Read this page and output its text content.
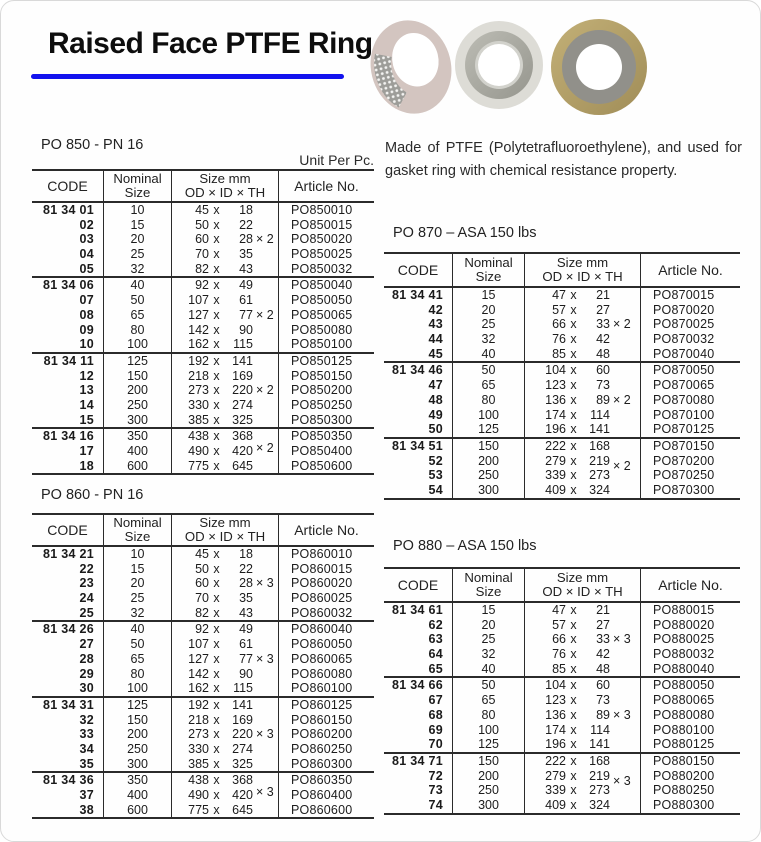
Raised Face PTFE Ring
Made of PTFE (Polytetrafluoroethylene), and used for gasket ring with chemical resistance property.
PO 850 - PN 16
Unit Per Pc.
CODE	Nominal
Size
Size mm
OD × ID × TH	Article No.
81 34 01	10	45 x 18	PO850010
02	15	50 x 22	PO850015
03	20	60 x 28 × 2	PO850020
04	25	70 x 35	PO850025
05	32	82 x 43	PO850032
81 34 06	40	92 x 49	PO850040
07	50	107 x 61	PO850050
08	65	127 x 77 × 2	PO850065
09	80	142 x 90	PO850080
10	100	162 x 115	PO850100
81 34 11	125	192 x 141	PO850125
12	150	218 x 169	PO850150
13	200	273 x 220 × 2	PO850200
14	250	330 x 274	PO850250
15	300	385 x 325	PO850300
81 34 16	350	438 x 368	PO850350
17	400	490 x 420 × 2	PO850400
18	600	775 x 645	PO850600
PO 860 - PN 16
CODE	Nominal
Size
Size mm
OD × ID × TH	Article No.
81 34 21	10	45 x 18	PO860010
22	15	50 x 22	PO860015
23	20	60 x 28 × 3	PO860020
24	25	70 x 35	PO860025
25	32	82 x 43	PO860032
81 34 26	40	92 x 49	PO860040
27	50	107 x 61	PO860050
28	65	127 x 77 × 3	PO860065
29	80	142 x 90	PO860080
30	100	162 x 115	PO860100
81 34 31	125	192 x 141	PO860125
32	150	218 x 169	PO860150
33	200	273 x 220 × 3	PO860200
34	250	330 x 274	PO860250
35	300	385 x 325	PO860300
81 34 36	350	438 x 368	PO860350
37	400	490 x 420 × 3	PO860400
38	600	775 x 645	PO860600
PO 870 – ASA 150 lbs
CODE	Nominal
Size
Size mm
OD × ID × TH	Article No.
81 34 41	15	47 x 21	PO870015
42	20	57 x 27	PO870020
43	25	66 x 33 × 2	PO870025
44	32	76 x 42	PO870032
45	40	85 x 48	PO870040
81 34 46	50	104 x 60	PO870050
47	65	123 x 73	PO870065
48	80	136 x 89 × 2	PO870080
49	100	174 x 114	PO870100
50	125	196 x 141	PO870125
81 34 51	150	222 x 168	PO870150
52	200	279 x 219 × 2	PO870200
53	250	339 x 273	PO870250
54	300	409 x 324	PO870300
PO 880 – ASA 150 lbs
CODE	Nominal
Size
Size mm
OD × ID × TH	Article No.
81 34 61	15	47 x 21	PO880015
62	20	57 x 27	PO880020
63	25	66 x 33 × 3	PO880025
64	32	76 x 42	PO880032
65	40	85 x 48	PO880040
81 34 66	50	104 x 60	PO880050
67	65	123 x 73	PO880065
68	80	136 x 89 × 3	PO880080
69	100	174 x 114	PO880100
70	125	196 x 141	PO880125
81 34 71	150	222 x 168	PO880150
72	200	279 x 219 × 3	PO880200
73	250	339 x 273	PO880250
74	300	409 x 324	PO880300
